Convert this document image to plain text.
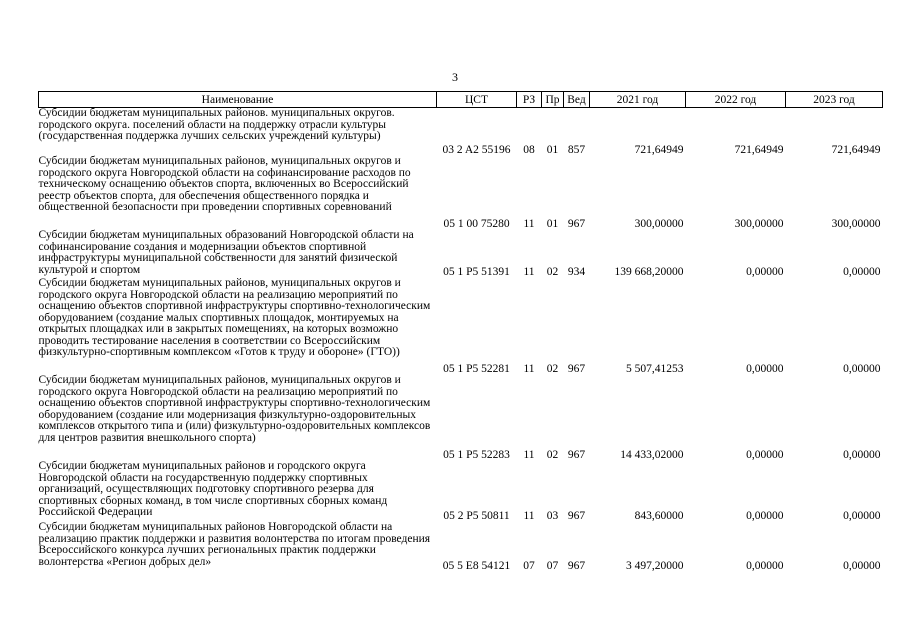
3
Наименование	ЦСТ	РЗ	Пр	Вед	2021 год	2022 год	2023 год
Субсидии бюджетам муниципальных районов. муниципальных округов. городского округа. поселений области на поддержку отрасли культуры (государственная поддержка лучших сельских учреждений культуры)	03 2 A2 55196	08	01	857	721,64949	721,64949	721,64949
Субсидии бюджетам муниципальных районов, муниципальных округов и городского округа Новгородской области на софинансирование расходов по техническому оснащению объектов спорта, включенных во Всероссийский реестр объектов спорта, для обеспечения общественного порядка и общественной безопасности при проведении спортивных соревнований	05 1 00 75280	11	01	967	300,00000	300,00000	300,00000
Субсидии бюджетам муниципальных образований Новгородской области на софинансирование создания и модернизации объектов спортивной инфраструктуры муниципальной собственности для занятий физической культурой и спортом	05 1 P5 51391	11	02	934	139 668,20000	0,00000	0,00000
Субсидии бюджетам муниципальных районов, муниципальных округов и городского округа Новгородской области на реализацию мероприятий по оснащению объектов спортивной инфраструктуры спортивно-технологическим оборудованием (создание малых спортивных площадок, монтируемых на открытых площадках или в закрытых помещениях, на которых возможно проводить тестирование населения в соответствии со Всероссийским физкультурно-спортивным комплексом «Готов к труду и обороне» (ГТО))	05 1 P5 52281	11	02	967	5 507,41253	0,00000	0,00000
Субсидии бюджетам муниципальных районов, муниципальных округов и городского округа Новгородской области на реализацию мероприятий по оснащению объектов спортивной инфраструктуры спортивно-технологическим оборудованием (создание или модернизация физкультурно-оздоровительных комплексов открытого типа и (или) физкультурно-оздоровительных комплексов для центров развития внешкольного спорта)	05 1 P5 52283	11	02	967	14 433,02000	0,00000	0,00000
Субсидии бюджетам муниципальных районов и городского округа Новгородской области на государственную поддержку спортивных организаций, осуществляющих подготовку спортивного резерва для спортивных сборных команд, в том числе спортивных сборных команд Российской Федерации	05 2 P5 50811	11	03	967	843,60000	0,00000	0,00000
Субсидии бюджетам муниципальных районов Новгородской области на реализацию практик поддержки и развития волонтерства по итогам проведения Всероссийского конкурса лучших региональных практик поддержки волонтерства «Регион добрых дел»	05 5 E8 54121	07	07	967	3 497,20000	0,00000	0,00000
